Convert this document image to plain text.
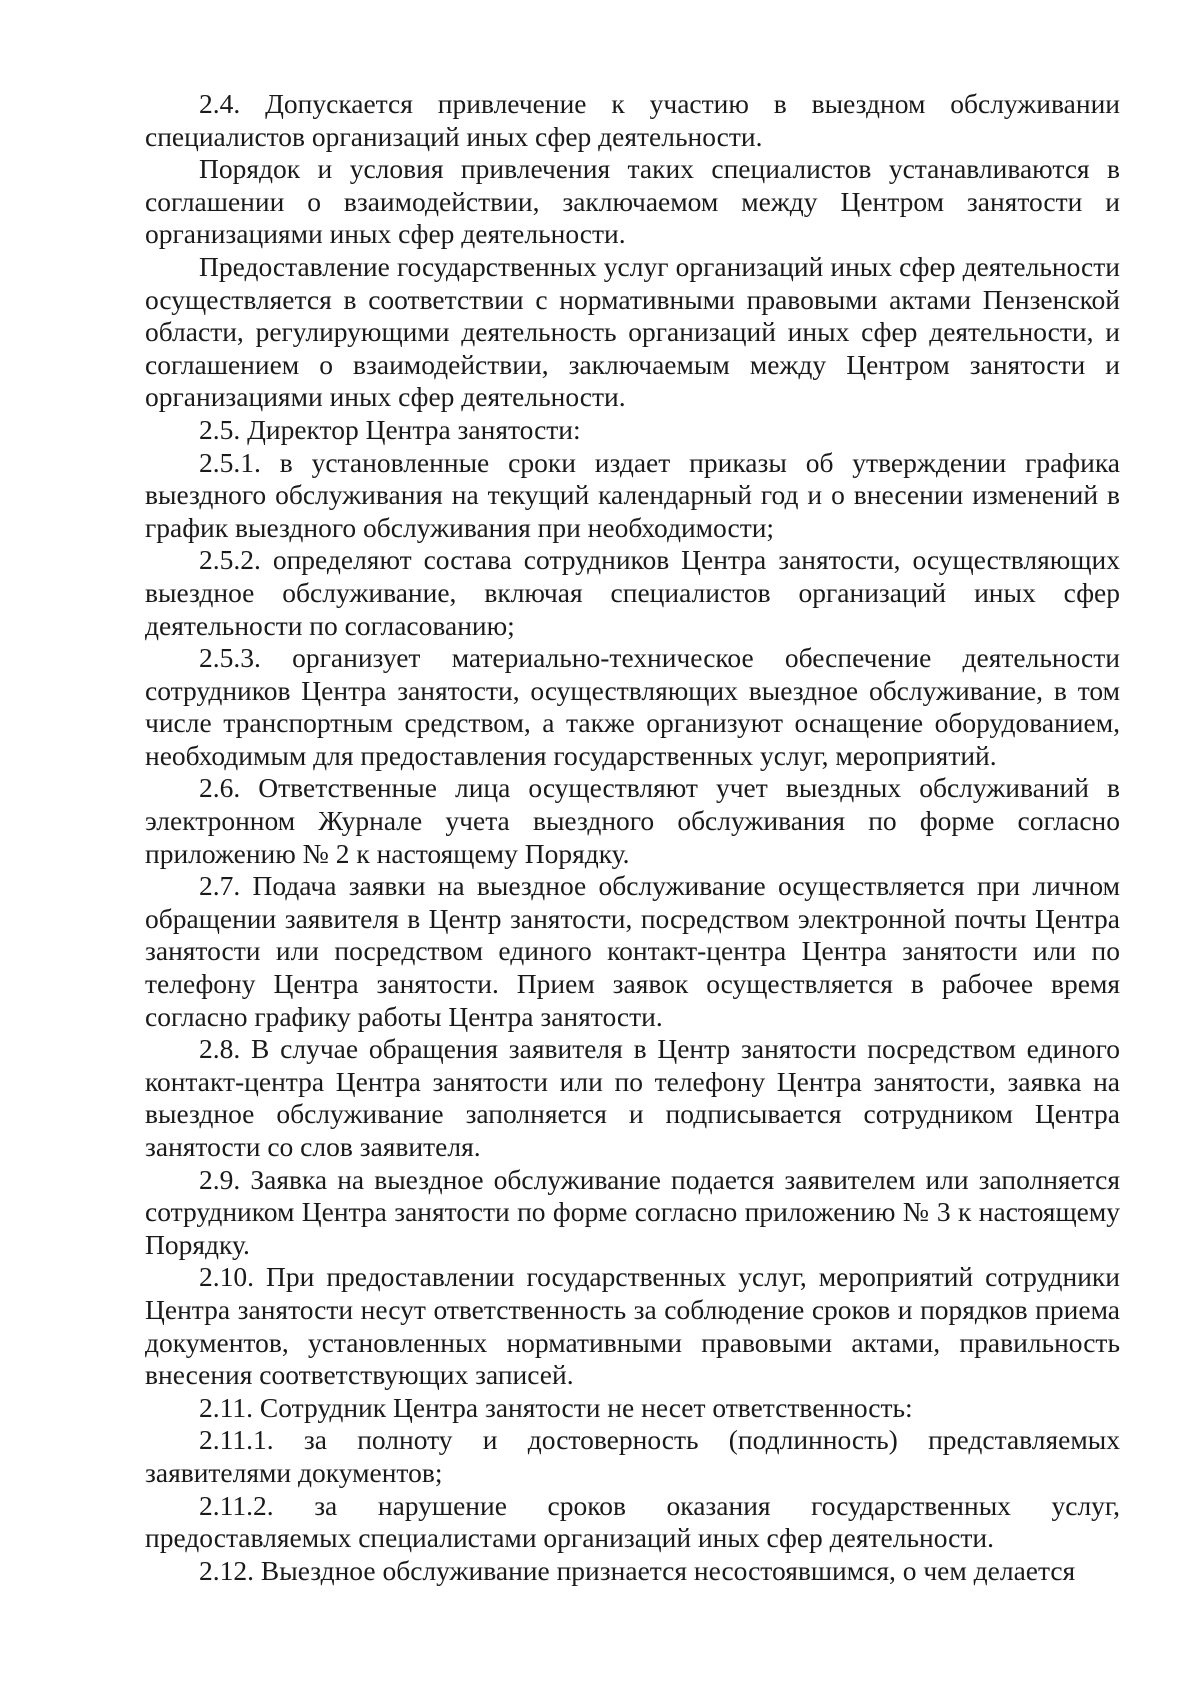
2.4. Допускается привлечение к участию в выездном обслуживании специалистов организаций иных сфер деятельности.

Порядок и условия привлечения таких специалистов устанавливаются в соглашении о взаимодействии, заключаемом между Центром занятости и организациями иных сфер деятельности.

Предоставление государственных услуг организаций иных сфер деятельности осуществляется в соответствии с нормативными правовыми актами Пензенской области, регулирующими деятельность организаций иных сфер деятельности, и соглашением о взаимодействии, заключаемым между Центром занятости и организациями иных сфер деятельности.

2.5. Директор Центра занятости:

2.5.1. в установленные сроки издает приказы об утверждении графика выездного обслуживания на текущий календарный год и о внесении изменений в график выездного обслуживания при необходимости;

2.5.2. определяют состава сотрудников Центра занятости, осуществляющих выездное обслуживание, включая специалистов организаций иных сфер деятельности по согласованию;

2.5.3. организует материально-техническое обеспечение деятельности сотрудников Центра занятости, осуществляющих выездное обслуживание, в том числе транспортным средством, а также организуют оснащение оборудованием, необходимым для предоставления государственных услуг, мероприятий.

2.6. Ответственные лица осуществляют учет выездных обслуживаний в электронном Журнале учета выездного обслуживания по форме согласно приложению № 2 к настоящему Порядку.

2.7. Подача заявки на выездное обслуживание осуществляется при личном обращении заявителя в Центр занятости, посредством электронной почты Центра занятости или посредством единого контакт-центра Центра занятости или по телефону Центра занятости. Прием заявок осуществляется в рабочее время согласно графику работы Центра занятости.

2.8. В случае обращения заявителя в Центр занятости посредством единого контакт-центра Центра занятости или по телефону Центра занятости, заявка на выездное обслуживание заполняется и подписывается сотрудником Центра занятости со слов заявителя.

2.9. Заявка на выездное обслуживание подается заявителем или заполняется сотрудником Центра занятости по форме согласно приложению № 3 к настоящему Порядку.

2.10. При предоставлении государственных услуг, мероприятий сотрудники Центра занятости несут ответственность за соблюдение сроков и порядков приема документов, установленных нормативными правовыми актами, правильность внесения соответствующих записей.

2.11. Сотрудник Центра занятости не несет ответственность:

2.11.1. за полноту и достоверность (подлинность) представляемых заявителями документов;

2.11.2. за нарушение сроков оказания государственных услуг, предоставляемых специалистами организаций иных сфер деятельности.

2.12. Выездное обслуживание признается несостоявшимся, о чем делается
